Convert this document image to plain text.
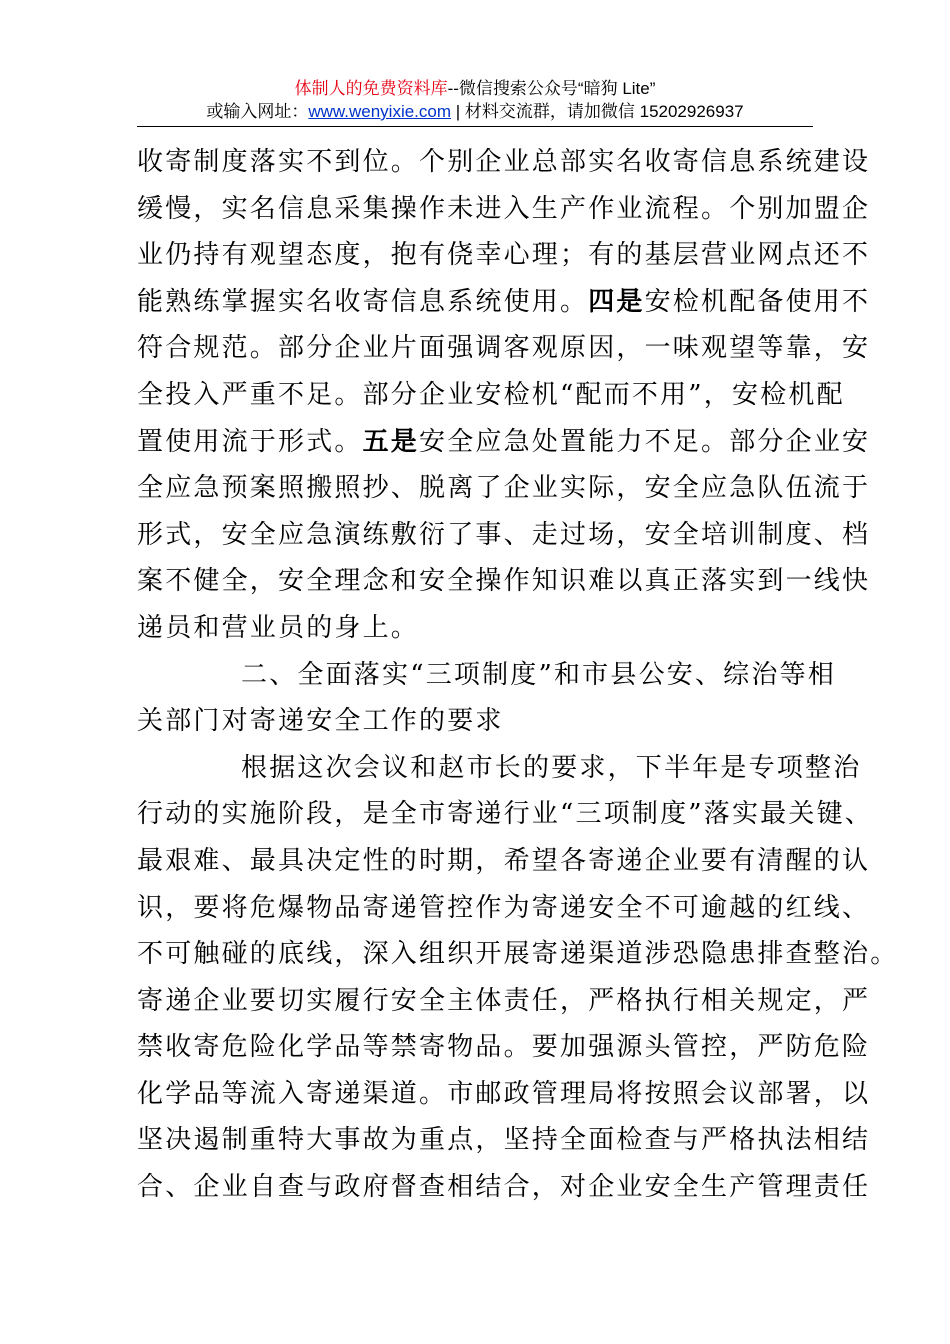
体制人的免费资料库--微信搜索公众号“暗狗 Lite”
或输入网址：www.wenyixie.com | 材料交流群，请加微信 15202926937
收寄制度落实不到位。个别企业总部实名收寄信息系统建设
缓慢，实名信息采集操作未进入生产作业流程。个别加盟企
业仍持有观望态度，抱有侥幸心理；有的基层营业网点还不
能熟练掌握实名收寄信息系统使用。四是安检机配备使用不
符合规范。部分企业片面强调客观原因，一味观望等靠，安
全投入严重不足。部分企业安检机“配而不用”，安检机配
置使用流于形式。五是安全应急处置能力不足。部分企业安
全应急预案照搬照抄、脱离了企业实际，安全应急队伍流于
形式，安全应急演练敷衍了事、走过场，安全培训制度、档
案不健全，安全理念和安全操作知识难以真正落实到一线快
递员和营业员的身上。
二、全面落实“三项制度”和市县公安、综治等相
关部门对寄递安全工作的要求
根据这次会议和赵市长的要求，下半年是专项整治
行动的实施阶段，是全市寄递行业“三项制度”落实最关键、
最艰难、最具决定性的时期，希望各寄递企业要有清醒的认
识，要将危爆物品寄递管控作为寄递安全不可逾越的红线、
不可触碰的底线，深入组织开展寄递渠道涉恐隐患排查整治。
寄递企业要切实履行安全主体责任，严格执行相关规定，严
禁收寄危险化学品等禁寄物品。要加强源头管控，严防危险
化学品等流入寄递渠道。市邮政管理局将按照会议部署，以
坚决遏制重特大事故为重点，坚持全面检查与严格执法相结
合、企业自查与政府督查相结合，对企业安全生产管理责任
